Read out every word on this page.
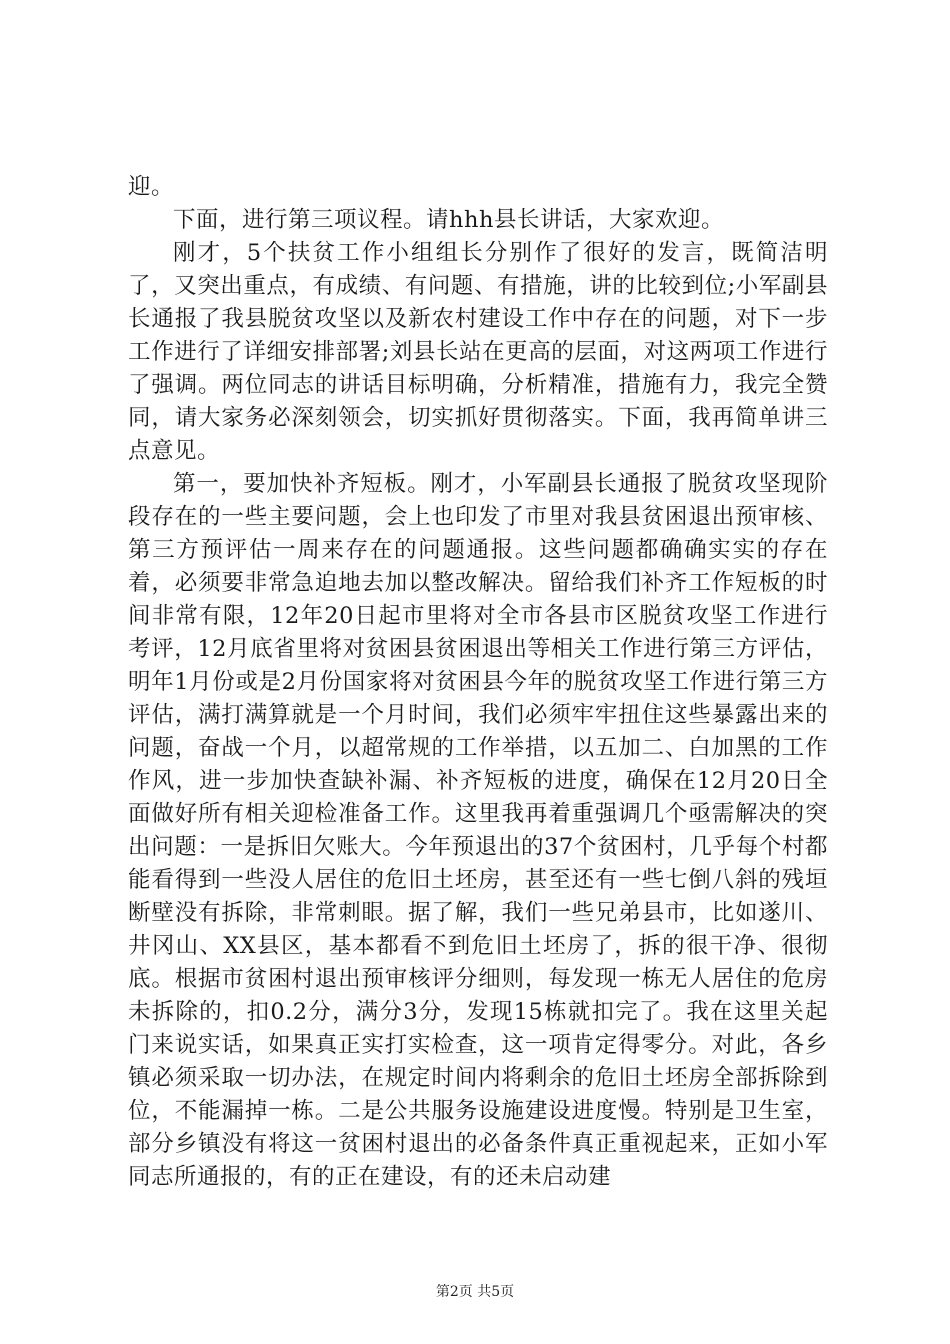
迎。

下面，进行第三项议程。请hhh县长讲话，大家欢迎。

刚才，5个扶贫工作小组组长分别作了很好的发言，既简洁明了，又突出重点，有成绩、有问题、有措施，讲的比较到位;小军副县长通报了我县脱贫攻坚以及新农村建设工作中存在的问题，对下一步工作进行了详细安排部署;刘县长站在更高的层面，对这两项工作进行了强调。两位同志的讲话目标明确，分析精准，措施有力，我完全赞同，请大家务必深刻领会，切实抓好贯彻落实。下面，我再简单讲三点意见。

第一，要加快补齐短板。刚才，小军副县长通报了脱贫攻坚现阶段存在的一些主要问题，会上也印发了市里对我县贫困退出预审核、第三方预评估一周来存在的问题通报。这些问题都确确实实的存在着，必须要非常急迫地去加以整改解决。留给我们补齐工作短板的时间非常有限，12年20日起市里将对全市各县市区脱贫攻坚工作进行考评，12月底省里将对贫困县贫困退出等相关工作进行第三方评估，明年1月份或是2月份国家将对贫困县今年的脱贫攻坚工作进行第三方评估，满打满算就是一个月时间，我们必须牢牢扭住这些暴露出来的问题，奋战一个月，以超常规的工作举措，以五加二、白加黑的工作作风，进一步加快查缺补漏、补齐短板的进度，确保在12月20日全面做好所有相关迎检准备工作。这里我再着重强调几个亟需解决的突出问题：一是拆旧欠账大。今年预退出的37个贫困村，几乎每个村都能看得到一些没人居住的危旧土坯房，甚至还有一些七倒八斜的残垣断壁没有拆除，非常刺眼。据了解，我们一些兄弟县市，比如遂川、井冈山、XX县区，基本都看不到危旧土坯房了，拆的很干净、很彻底。根据市贫困村退出预审核评分细则，每发现一栋无人居住的危房未拆除的，扣0.2分，满分3分，发现15栋就扣完了。我在这里关起门来说实话，如果真正实打实检查，这一项肯定得零分。对此，各乡镇必须采取一切办法，在规定时间内将剩余的危旧土坯房全部拆除到位，不能漏掉一栋。二是公共服务设施建设进度慢。特别是卫生室，部分乡镇没有将这一贫困村退出的必备条件真正重视起来，正如小军同志所通报的，有的正在建设，有的还未启动建

第2页 共5页
